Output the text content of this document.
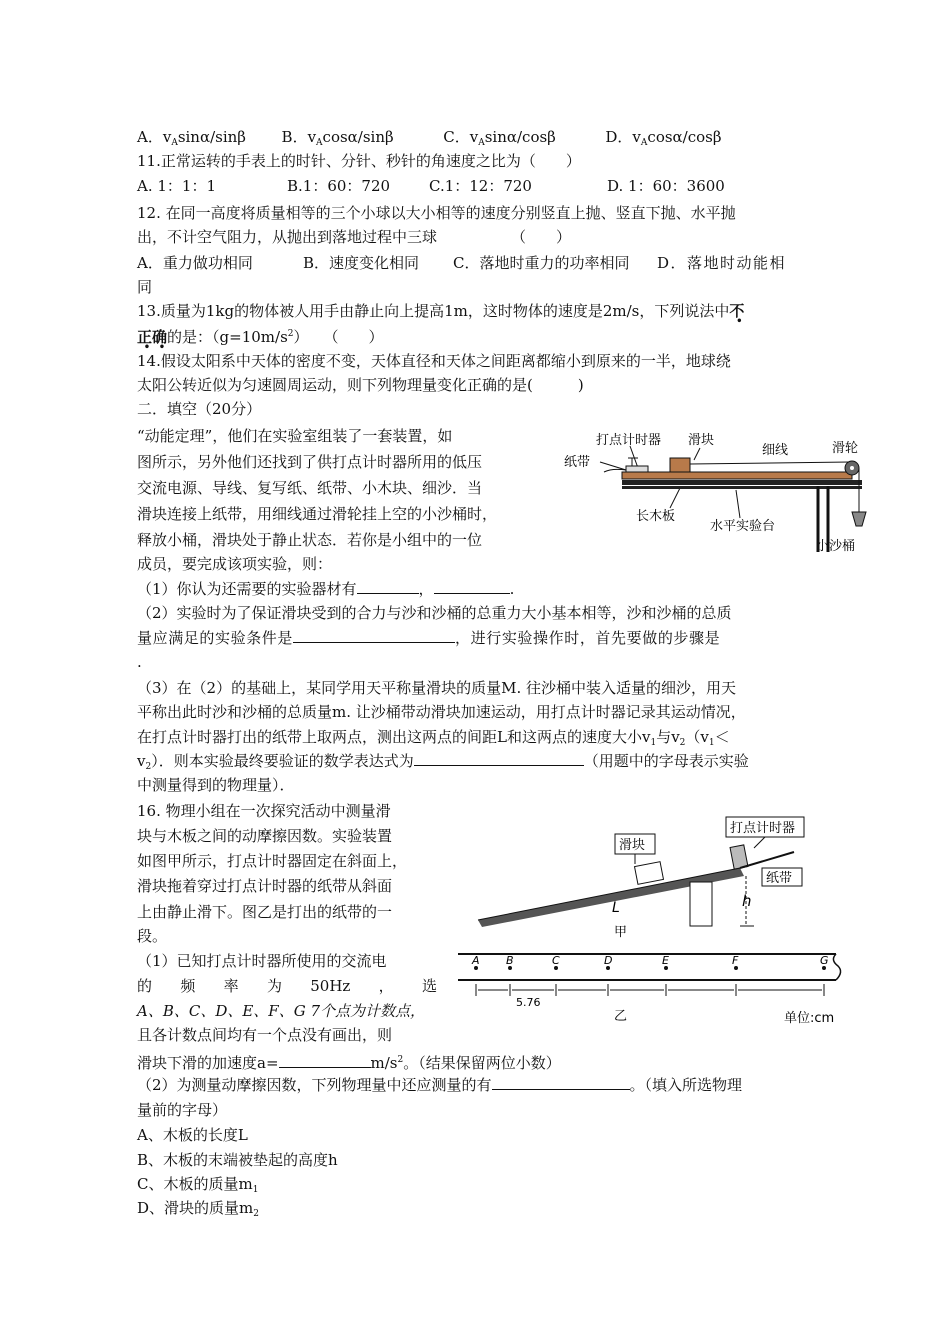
A．$v_A\sin\alpha$/sinβ B．$v_A\cos\alpha$/sinβ	C．$v_A\sin\alpha$/cosβ	D．$v_A\cos\alpha$/cosβ
11.正常运转的手表上的时针、分针、秒针的角速度之比为（　　）
A. 1：1：1	B.1：60：720	C.1：12：720	D. 1：60：3600
12. 在同一高度将质量相等的三个小球以大小相等的速度分别竖直上抛、竖直下抛、水平抛
出，不计空气阻力，从抛出到落地过程中三球	（　　）
A．重力做功相同	B．速度变化相同 C．落地时重力的功率相同 D．落地时动能相
同
13.质量为1kg的物体被人用手由静止向上提高1m，这时物体的速度是2m/s，下列说法中不
正确的是：$(g=10m/s^2)$　　（　　）
14.假设太阳系中天体的密度不变，天体直径和天体之间距离都缩小到原来的一半，地球绕
太阳公转近似为匀速圆周运动，则下列物理量变化正确的是(　　　)
二．填空（20分）
“动能定理”，他们在实验室组装了一套装置，如
图所示，另外他们还找到了供打点计时器所用的低压
交流电源、导线、复写纸、纸带、小木块、细沙．当
滑块连接上纸带，用细线通过滑轮挂上空的小沙桶时，
释放小桶，滑块处于静止状态．若你是小组中的一位
成员，要完成该项实验，则：
打点计时器 滑块
细线	滑轮
纸带
长木板
水平实验台
小沙桶
（1）你认为还需要的实验器材有	，	.
（2）实验时为了保证滑块受到的合力与沙和沙桶的总重力大小基本相等，沙和沙桶的总质
量应满足的实验条件是	，进行实验操作时，首先要做的步骤是
.
（3）在（2）的基础上，某同学用天平称量滑块的质量M. 往沙桶中装入适量的细沙，用天
平称出此时沙和沙桶的总质量m. 让沙桶带动滑块加速运动，用打点计时器记录其运动情况，
在打点计时器打出的纸带上取两点，测出这两点的间距L和这两点的速度大小$v_1$与$v_2(v_1<$
$v_2$）．则本实验最终要验证的数学表达式为	（用题中的字母表示实验
中测量得到的物理量）．
16. 物理小组在一次探究活动中测量滑
块与木板之间的动摩擦因数。实验装置
如图甲所示，打点计时器固定在斜面上，
滑块拖着穿过打点计时器的纸带从斜面
上由静止滑下。图乙是打出的纸带的一
段。
（1）已知打点计时器所使用的交流电
的 频 率 为 50Hz ， 选
A、B、C、D、E、F、G 7个点为计数点，
且各计数点间均有一个点没有画出，则
滑块下滑的加速度a=	$m/s^2$。（结果保留两位小数）
（2）为测量动摩擦因数，下列物理量中还应测量的有	。（填入所选物理
量前的字母）
A、木板的长度L
B、木板的末端被垫起的高度h
C、木板的质量$m_1$
D、滑块的质量$m_2$
滑块
打点计时器
纸带
h
L
甲
乙	单位:cm
A B	C	D	E	F	G
5.76
